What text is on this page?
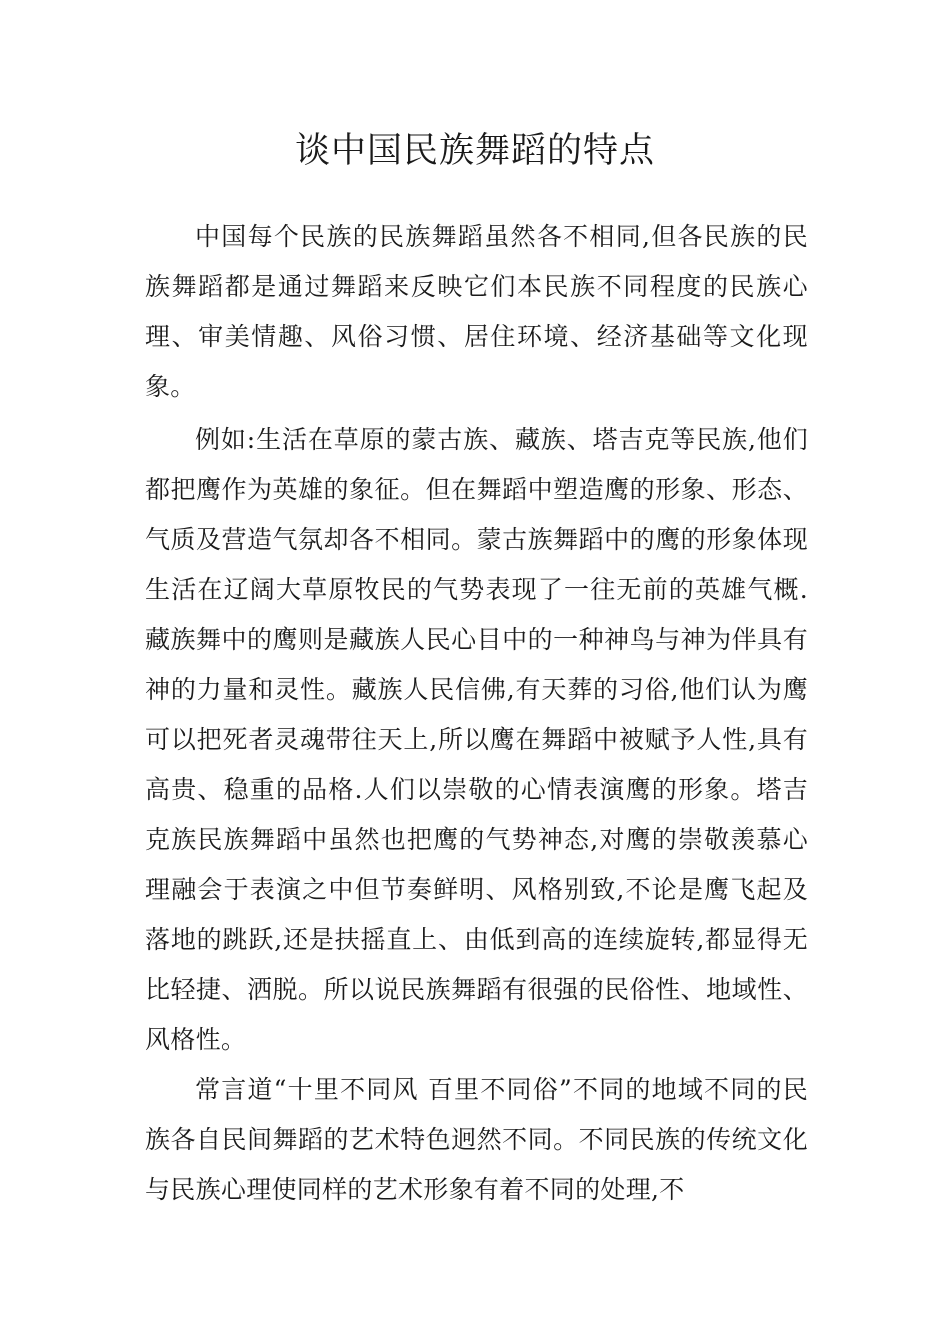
谈中国民族舞蹈的特点

中国每个民族的民族舞蹈虽然各不相同,但各民族的民族舞蹈都是通过舞蹈来反映它们本民族不同程度的民族心理、审美情趣、风俗习惯、居住环境、经济基础等文化现象。

例如:生活在草原的蒙古族、藏族、塔吉克等民族,他们都把鹰作为英雄的象征。但在舞蹈中塑造鹰的形象、形态、气质及营造气氛却各不相同。蒙古族舞蹈中的鹰的形象体现生活在辽阔大草原牧民的气势表现了一往无前的英雄气概.藏族舞中的鹰则是藏族人民心目中的一种神鸟与神为伴具有神的力量和灵性。藏族人民信佛,有天葬的习俗,他们认为鹰可以把死者灵魂带往天上,所以鹰在舞蹈中被赋予人性,具有高贵、稳重的品格.人们以崇敬的心情表演鹰的形象。塔吉克族民族舞蹈中虽然也把鹰的气势神态,对鹰的崇敬羡慕心理融会于表演之中但节奏鲜明、风格别致,不论是鹰飞起及落地的跳跃,还是扶摇直上、由低到高的连续旋转,都显得无比轻捷、洒脱。所以说民族舞蹈有很强的民俗性、地域性、风格性。

常言道“十里不同风 百里不同俗”不同的地域不同的民族各自民间舞蹈的艺术特色迥然不同。不同民族的传统文化与民族心理使同样的艺术形象有着不同的处理,不
